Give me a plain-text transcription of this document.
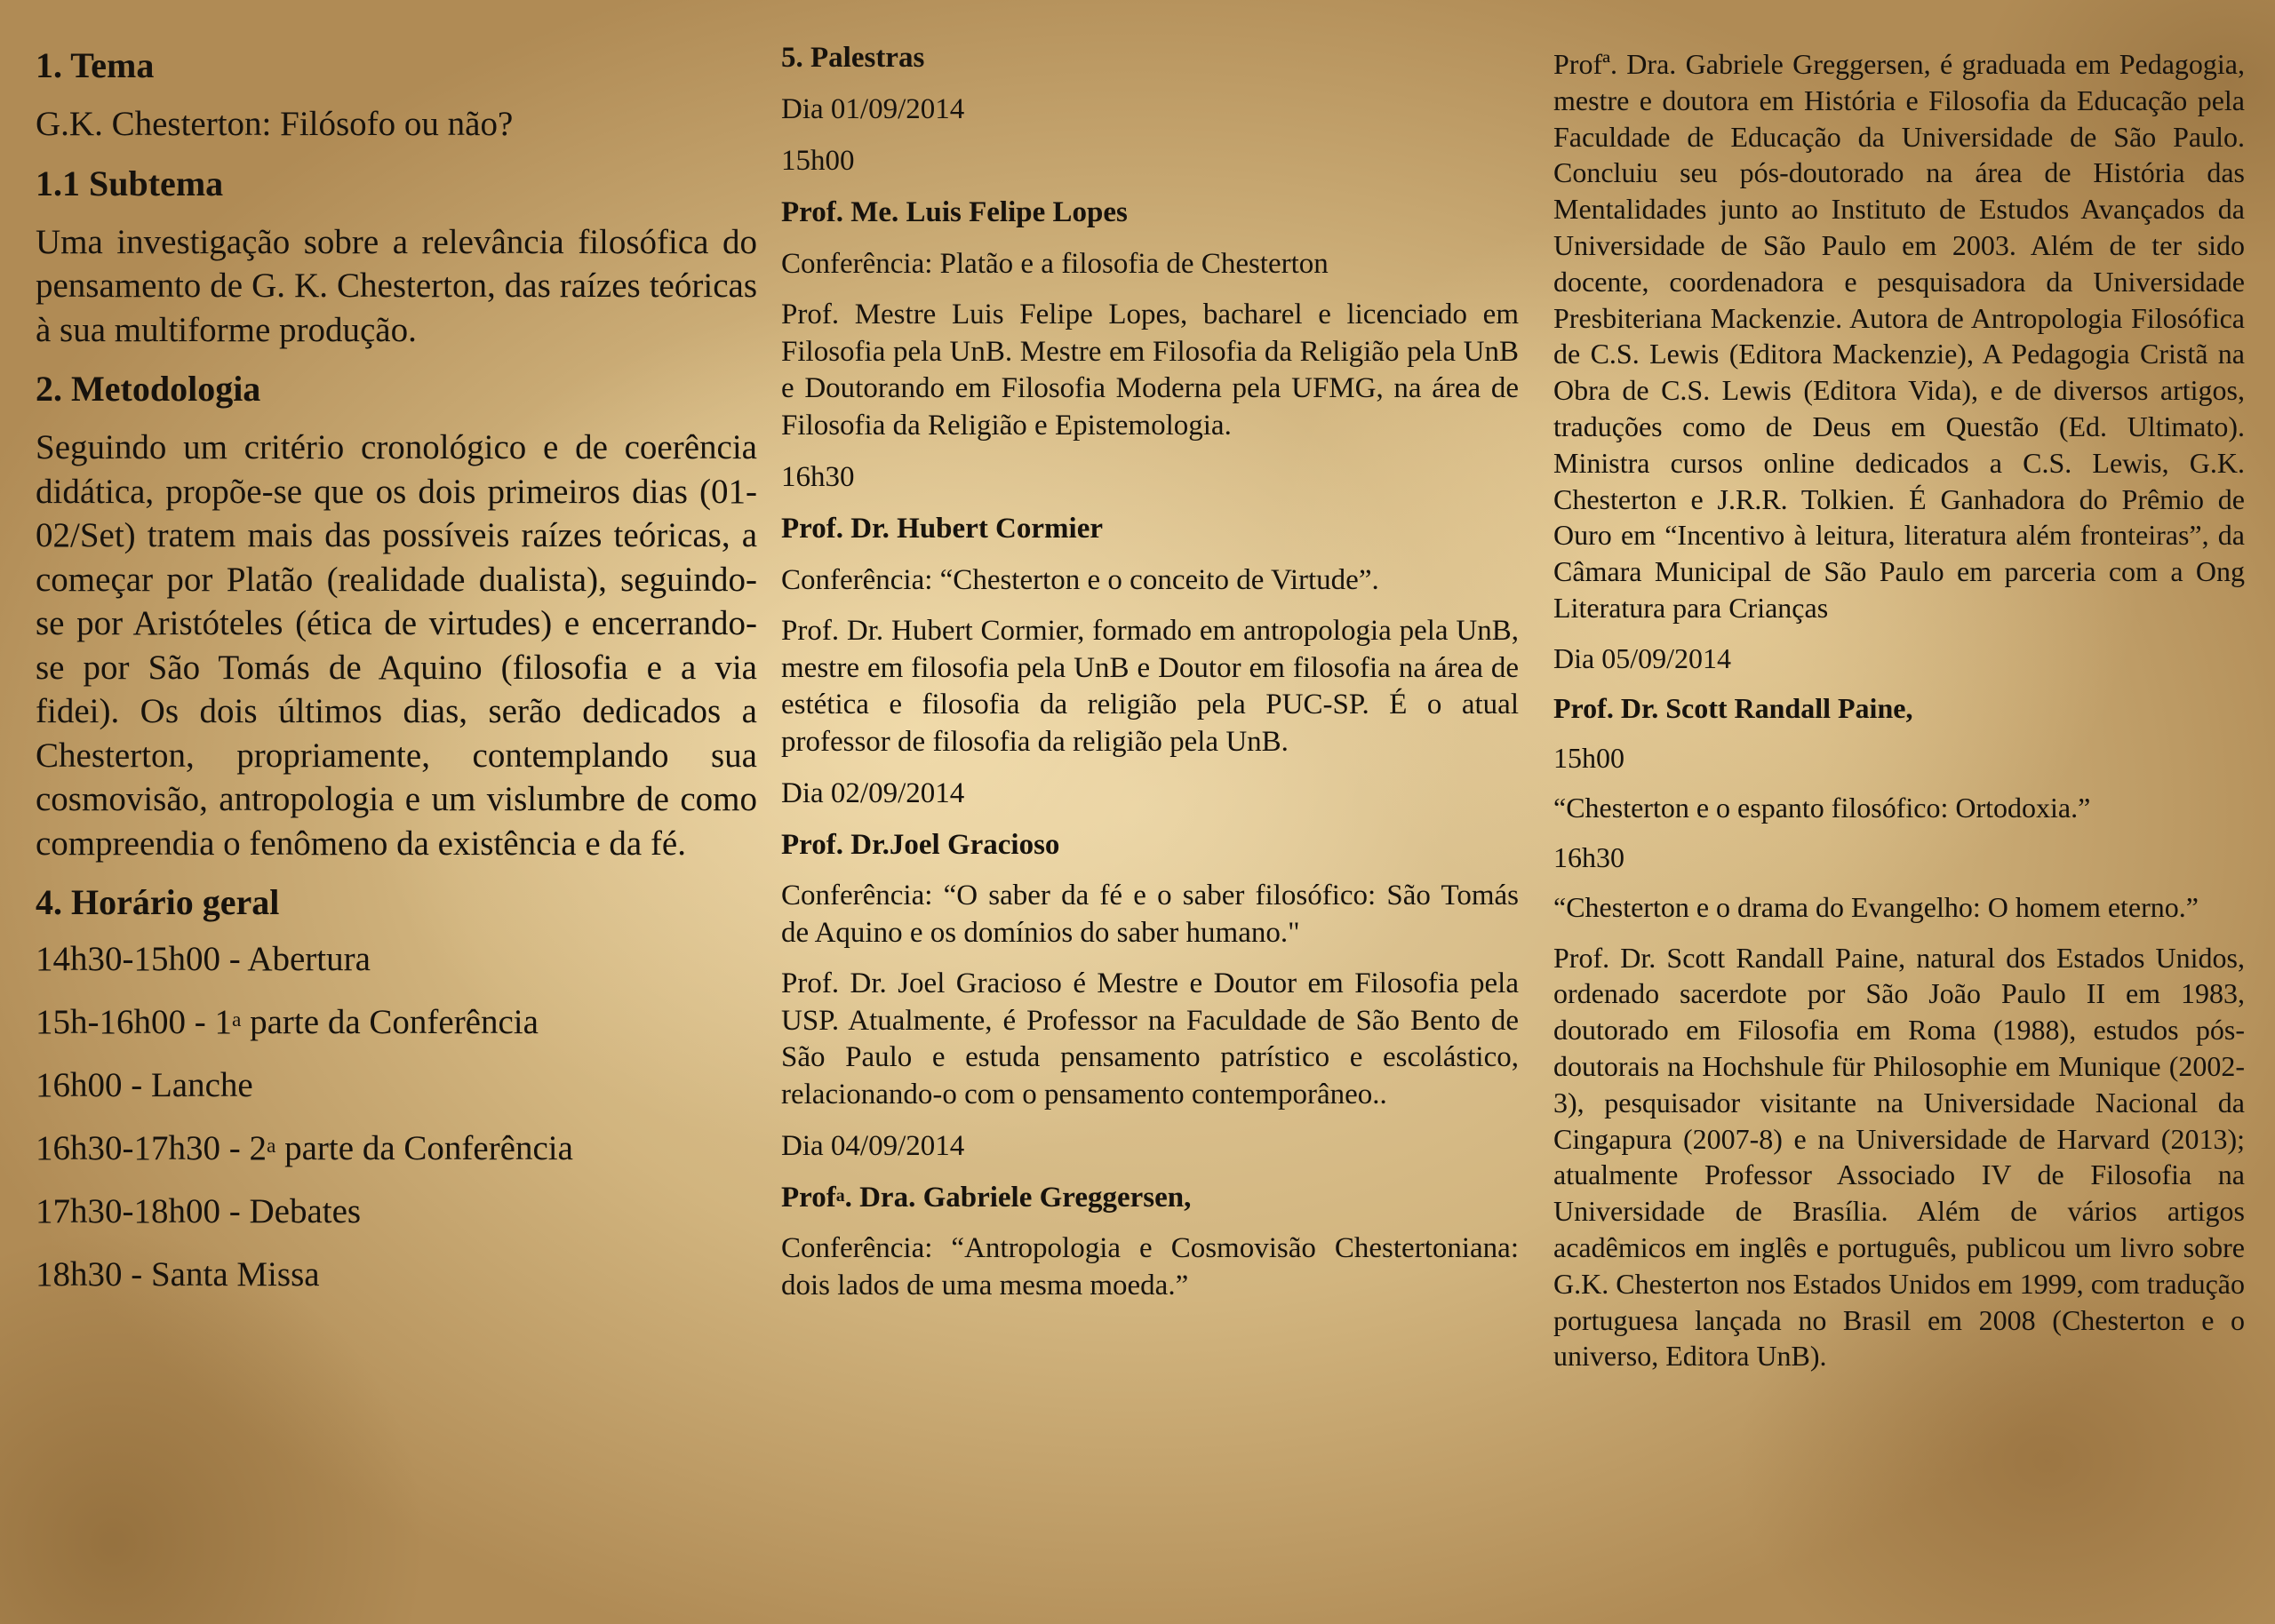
1. Tema

G.K. Chesterton: Filósofo ou não?

1.1 Subtema

Uma investigação sobre a relevância filosófica do pensamento de G. K. Chesterton, das raízes teóricas à sua multiforme produção.

2. Metodologia

Seguindo um critério cronológico e de coerência didática, propõe-se que os dois primeiros dias (01-02/Set) tratem mais das possíveis raízes teóricas, a começar por Platão (realidade dualista), seguindo-se por Aristóteles (ética de virtudes) e encerrando-se por São Tomás de Aquino (filosofia e a via fidei). Os dois últimos dias, serão dedicados a Chesterton, propriamente, contemplando sua cosmovisão, antropologia e um vislumbre de como compreendia o fenômeno da existência e da fé.

4. Horário geral
14h30-15h00 - Abertura
15h-16h00 - 1$^a$ parte da Conferência
16h00 - Lanche
16h30-17h30 - 2$^a$ parte da Conferência
17h30-18h00 - Debates
18h30 - Santa Missa
5. Palestras
Dia 01/09/2014
15h00
Prof. Me. Luis Felipe Lopes
Conferência: Platão e a filosofia de Chesterton

Prof. Mestre Luis Felipe Lopes, bacharel e licenciado em Filosofia pela UnB. Mestre em Filosofia da Religião pela UnB e Doutorando em Filosofia Moderna pela UFMG, na área de Filosofia da Religião e Epistemologia.

16h30
Prof. Dr. Hubert Cormier
Conferência: “Chesterton e o conceito de Virtude”.

Prof. Dr. Hubert Cormier, formado em antropologia pela UnB, mestre em filosofia pela UnB e Doutor em filosofia na área de estética e filosofia da religião pela PUC-SP. É o atual professor de filosofia da religião pela UnB.

Dia 02/09/2014
Prof. Dr.Joel Gracioso

Conferência: “O saber da fé e o saber filosófico: São Tomás de Aquino e os domínios do saber humano."

Prof. Dr. Joel Gracioso é Mestre e Doutor em Filosofia pela USP. Atualmente, é Professor na Faculdade de São Bento de São Paulo e estuda pensamento patrístico e escolástico, relacionando-o com o pensamento contemporâneo..

Dia 04/09/2014
Prof$^a$. Dra. Gabriele Greggersen,

Conferência: “Antropologia e Cosmovisão Chestertoniana: dois lados de uma mesma moeda.”

Profª. Dra. Gabriele Greggersen, é graduada em Pedagogia, mestre e doutora em História e Filosofia da Educação pela Faculdade de Educação da Universidade de São Paulo. Concluiu seu pós-doutorado na área de História das Mentalidades junto ao Instituto de Estudos Avançados da Universidade de São Paulo em 2003. Além de ter sido docente, coordenadora e pesquisadora da Universidade Presbiteriana Mackenzie. Autora de Antropologia Filosófica de C.S. Lewis (Editora Mackenzie), A Pedagogia Cristã na Obra de C.S. Lewis (Editora Vida), e de diversos artigos, traduções como de Deus em Questão (Ed. Ultimato). Ministra cursos online dedicados a C.S. Lewis, G.K. Chesterton e J.R.R. Tolkien. É Ganhadora do Prêmio de Ouro em “Incentivo à leitura, literatura além fronteiras”, da Câmara Municipal de São Paulo em parceria com a Ong Literatura para Crianças

Dia 05/09/2014
Prof. Dr. Scott Randall Paine,
15h00
“Chesterton e o espanto filosófico: Ortodoxia.”
16h30

“Chesterton e o drama do Evangelho: O homem eterno.”

Prof. Dr. Scott Randall Paine, natural dos Estados Unidos, ordenado sacerdote por São João Paulo II em 1983, doutorado em Filosofia em Roma (1988), estudos pós-doutorais na Hochshule für Philosophie em Munique (2002-3), pesquisador visitante na Universidade Nacional da Cingapura (2007-8) e na Universidade de Harvard (2013); atualmente Professor Associado IV de Filosofia na Universidade de Brasília. Além de vários artigos acadêmicos em inglês e português, publicou um livro sobre G.K. Chesterton nos Estados Unidos em 1999, com tradução portuguesa lançada no Brasil em 2008 (Chesterton e o universo, Editora UnB).
